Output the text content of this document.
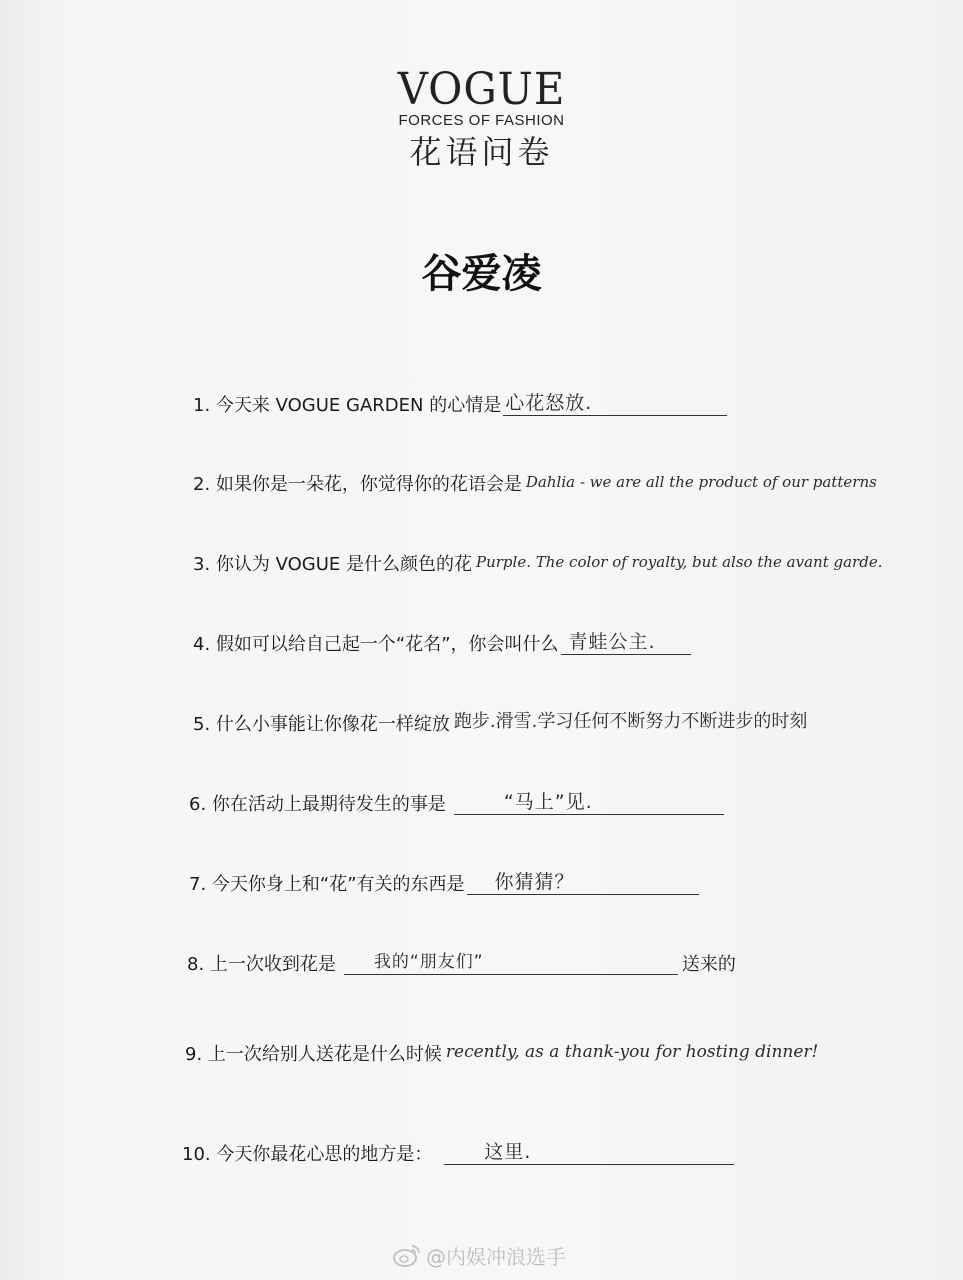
VOGUE
FORCES OF FASHION
花语问卷
谷爱凌
1. 今天来 VOGUE GARDEN 的心情是 心花怒放.
2. 如果你是一朵花，你觉得你的花语会是 Dahlia - we are all the product of our patterns
3. 你认为 VOGUE 是什么颜色的花 Purple. The color of royalty, but also the avant garde.
4. 假如可以给自己起一个“花名”，你会叫什么 青蛙公主.
5. 什么小事能让你像花一样绽放 跑步.滑雪.学习任何不断努力不断进步的时刻
6. 你在活动上最期待发生的事是	“马上”见.
7. 今天你身上和“花”有关的东西是 你猜猜？
8. 上一次收到花是 我的“朋友们”	送来的
9. 上一次给别人送花是什么时候 recently, as a thank-you for hosting dinner!
10. 今天你最花心思的地方是：	这里.
@内娱冲浪选手
